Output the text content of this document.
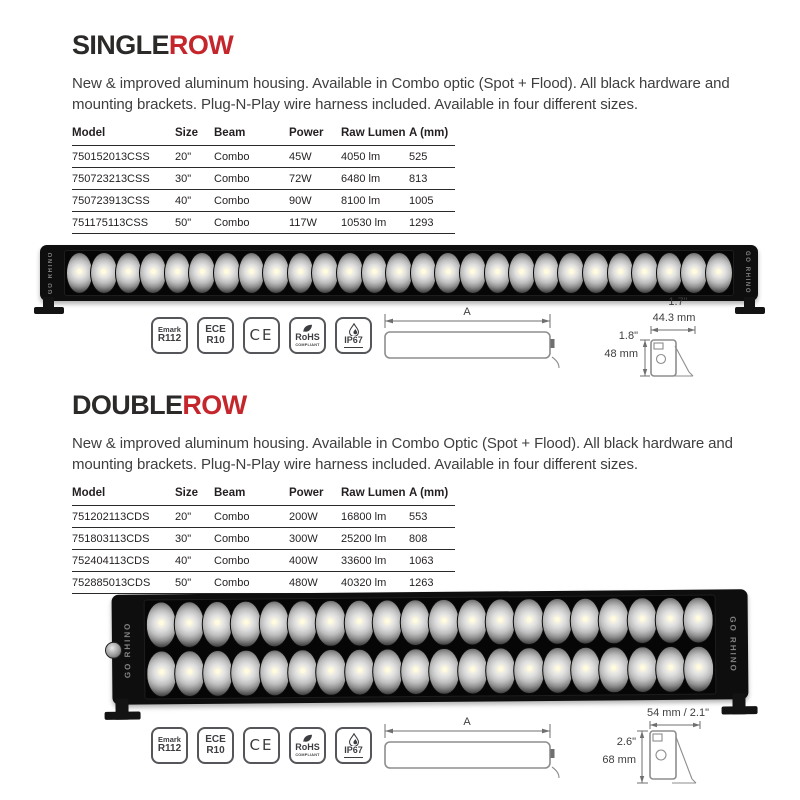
SINGLEROW

New & improved aluminum housing. Available in Combo optic (Spot + Flood). All black hardware and mounting brackets. Plug-N-Play wire harness included. Available in four different sizes.

Model	Size	Beam	Power	Raw Lumen	A (mm)
750152013CSS	20"	Combo	45W	4050 lm	525
750723213CSS	30"	Combo	72W	6480 lm	813
750723913CSS	40"	Combo	90W	8100 lm	1005
751175113CSS	50"	Combo	117W	10530 lm	1293
GO RHINO	GO RHINO
Emark
R112
ECE
R10 CE RoHS
COMPLIANT	IP67
A
1.7"
44.3 mm
1.8"
48 mm
DOUBLEROW

New & improved aluminum housing. Available in Combo Optic (Spot + Flood). All black hardware and mounting brackets. Plug-N-Play wire harness included. Available in four different sizes.

Model	Size	Beam	Power	Raw Lumen	A (mm)
751202113CDS	20"	Combo	200W	16800 lm	553
751803113CDS	30"	Combo	300W	25200 lm	808
752404113CDS	40"	Combo	400W	33600 lm	1063
752885013CDS	50"	Combo	480W	40320 lm	1263
GO RHINO	GO RHINO
Emark
R112
ECE
R10 CE RoHS
COMPLIANT	IP67
A
54 mm / 2.1"
2.6"
68 mm
